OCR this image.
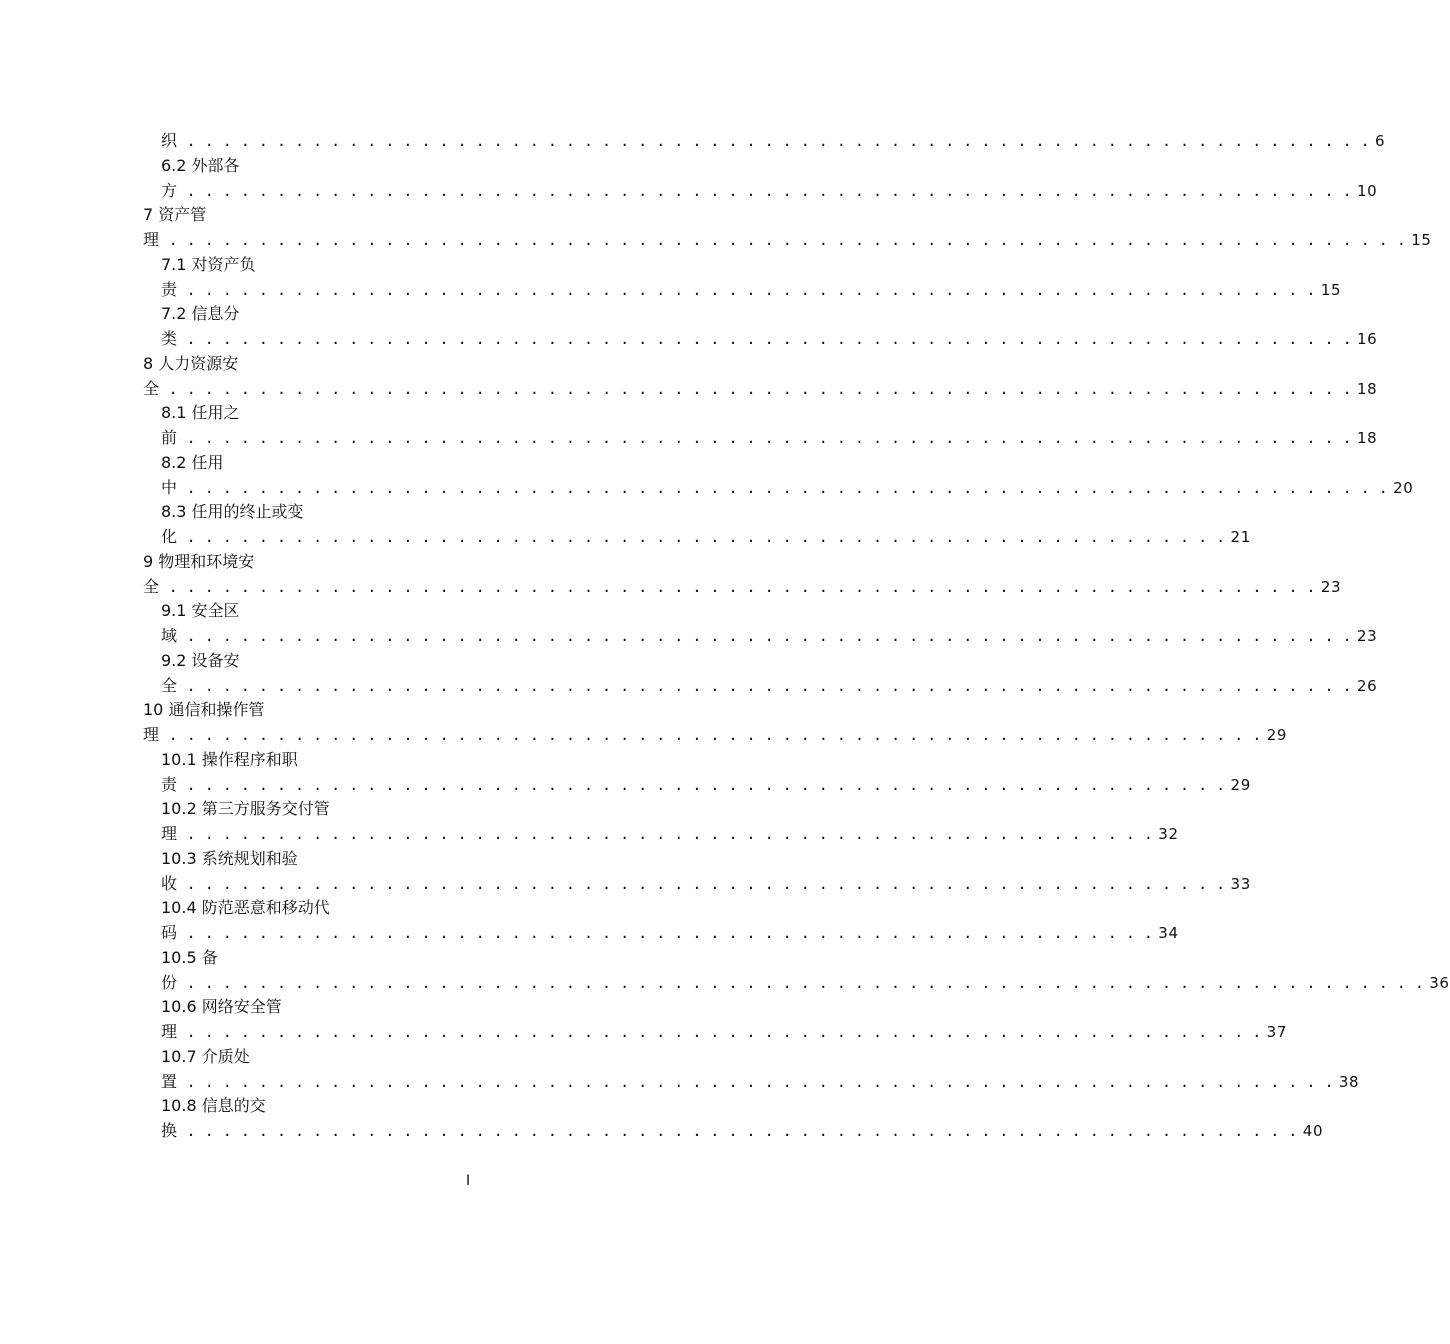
织 . . . . . . . . . . . . . . . . . . . . . . . . . . . . . . . . . . . . . . . . . . . . . . . . . . . . . . . . . . . . . . . . . . 6
6.2 外部各
方 . . . . . . . . . . . . . . . . . . . . . . . . . . . . . . . . . . . . . . . . . . . . . . . . . . . . . . . . . . . . . . . . . 10
7 资产管
理 . . . . . . . . . . . . . . . . . . . . . . . . . . . . . . . . . . . . . . . . . . . . . . . . . . . . . . . . . . . . . . . . . . . . . 15
7.1 对资产负
责 . . . . . . . . . . . . . . . . . . . . . . . . . . . . . . . . . . . . . . . . . . . . . . . . . . . . . . . . . . . . . . . 15
7.2 信息分
类 . . . . . . . . . . . . . . . . . . . . . . . . . . . . . . . . . . . . . . . . . . . . . . . . . . . . . . . . . . . . . . . . . 16
8 人力资源安
全 . . . . . . . . . . . . . . . . . . . . . . . . . . . . . . . . . . . . . . . . . . . . . . . . . . . . . . . . . . . . . . . . . . 18
8.1 任用之
前 . . . . . . . . . . . . . . . . . . . . . . . . . . . . . . . . . . . . . . . . . . . . . . . . . . . . . . . . . . . . . . . . . 18
8.2 任用
中 . . . . . . . . . . . . . . . . . . . . . . . . . . . . . . . . . . . . . . . . . . . . . . . . . . . . . . . . . . . . . . . . . . . 20
8.3 任用的终止或变
化 . . . . . . . . . . . . . . . . . . . . . . . . . . . . . . . . . . . . . . . . . . . . . . . . . . . . . . . . . . 21
9 物理和环境安
全 . . . . . . . . . . . . . . . . . . . . . . . . . . . . . . . . . . . . . . . . . . . . . . . . . . . . . . . . . . . . . . . . 23
9.1 安全区
域 . . . . . . . . . . . . . . . . . . . . . . . . . . . . . . . . . . . . . . . . . . . . . . . . . . . . . . . . . . . . . . . . . 23
9.2 设备安
全 . . . . . . . . . . . . . . . . . . . . . . . . . . . . . . . . . . . . . . . . . . . . . . . . . . . . . . . . . . . . . . . . . 26
10 通信和操作管
理 . . . . . . . . . . . . . . . . . . . . . . . . . . . . . . . . . . . . . . . . . . . . . . . . . . . . . . . . . . . . . 29
10.1 操作程序和职
责 . . . . . . . . . . . . . . . . . . . . . . . . . . . . . . . . . . . . . . . . . . . . . . . . . . . . . . . . . . 29
10.2 第三方服务交付管
理 . . . . . . . . . . . . . . . . . . . . . . . . . . . . . . . . . . . . . . . . . . . . . . . . . . . . . . 32
10.3 系统规划和验
收 . . . . . . . . . . . . . . . . . . . . . . . . . . . . . . . . . . . . . . . . . . . . . . . . . . . . . . . . . . 33
10.4 防范恶意和移动代
码 . . . . . . . . . . . . . . . . . . . . . . . . . . . . . . . . . . . . . . . . . . . . . . . . . . . . . . 34
10.5 备
份 . . . . . . . . . . . . . . . . . . . . . . . . . . . . . . . . . . . . . . . . . . . . . . . . . . . . . . . . . . . . . . . . . . . . . 36
10.6 网络安全管
理 . . . . . . . . . . . . . . . . . . . . . . . . . . . . . . . . . . . . . . . . . . . . . . . . . . . . . . . . . . . . 37
10.7 介质处
置 . . . . . . . . . . . . . . . . . . . . . . . . . . . . . . . . . . . . . . . . . . . . . . . . . . . . . . . . . . . . . . . . 38
10.8 信息的交
换 . . . . . . . . . . . . . . . . . . . . . . . . . . . . . . . . . . . . . . . . . . . . . . . . . . . . . . . . . . . . . . 40
I
